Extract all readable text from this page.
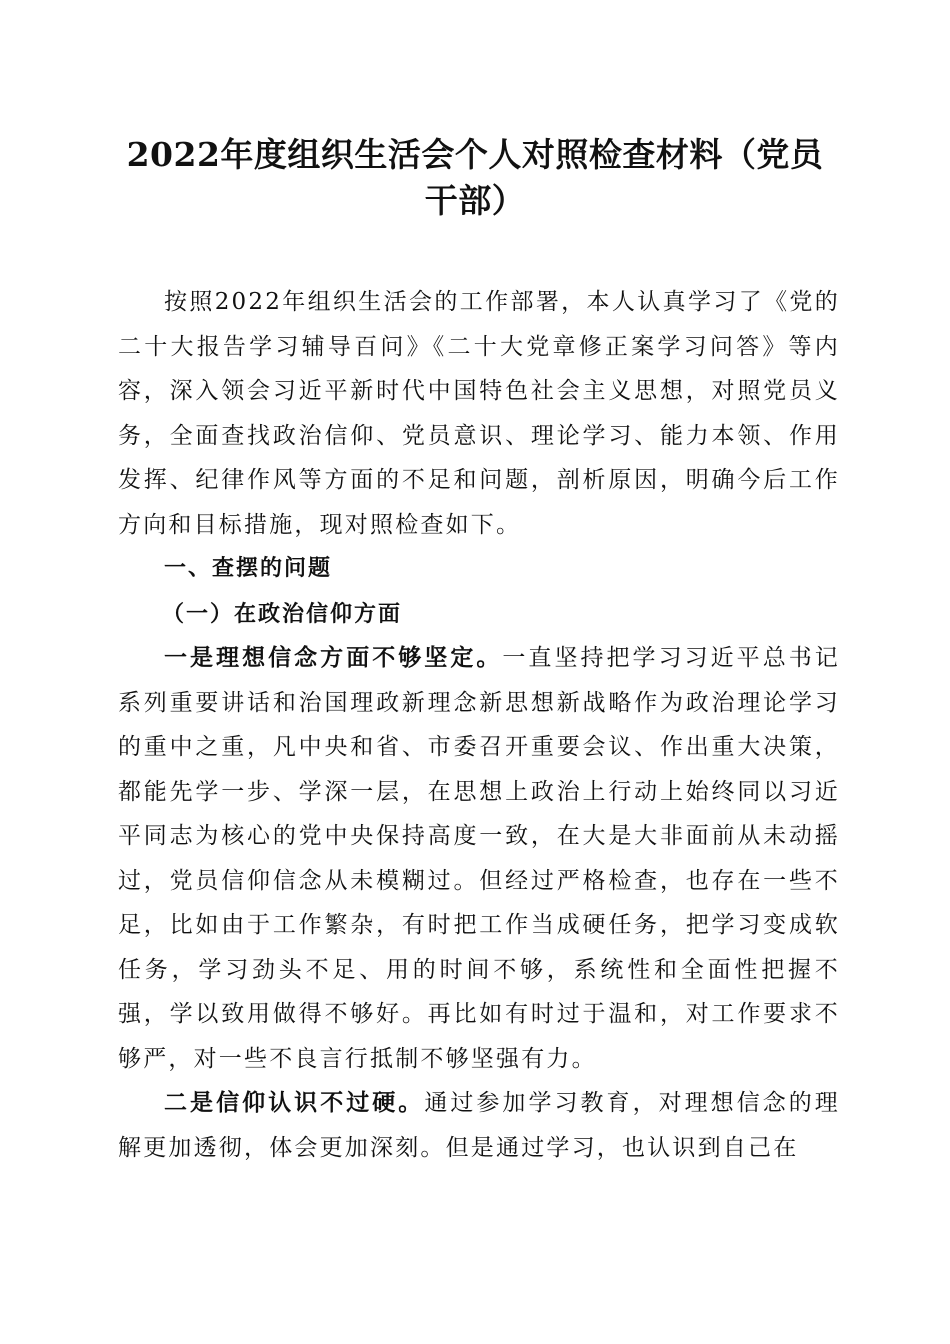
2022年度组织生活会个人对照检查材料（党员干部）

按照2022年组织生活会的工作部署，本人认真学习了《党的二十大报告学习辅导百问》《二十大党章修正案学习问答》等内容，深入领会习近平新时代中国特色社会主义思想，对照党员义务，全面查找政治信仰、党员意识、理论学习、能力本领、作用发挥、纪律作风等方面的不足和问题，剖析原因，明确今后工作方向和目标措施，现对照检查如下。

一、查摆的问题

（一）在政治信仰方面

一是理想信念方面不够坚定。一直坚持把学习习近平总书记系列重要讲话和治国理政新理念新思想新战略作为政治理论学习的重中之重，凡中央和省、市委召开重要会议、作出重大决策，都能先学一步、学深一层，在思想上政治上行动上始终同以习近平同志为核心的党中央保持高度一致，在大是大非面前从未动摇过，党员信仰信念从未模糊过。但经过严格检查，也存在一些不足，比如由于工作繁杂，有时把工作当成硬任务，把学习变成软任务，学习劲头不足、用的时间不够，系统性和全面性把握不强，学以致用做得不够好。再比如有时过于温和，对工作要求不够严，对一些不良言行抵制不够坚强有力。

二是信仰认识不过硬。通过参加学习教育，对理想信念的理解更加透彻，体会更加深刻。但是通过学习，也认识到自己在
